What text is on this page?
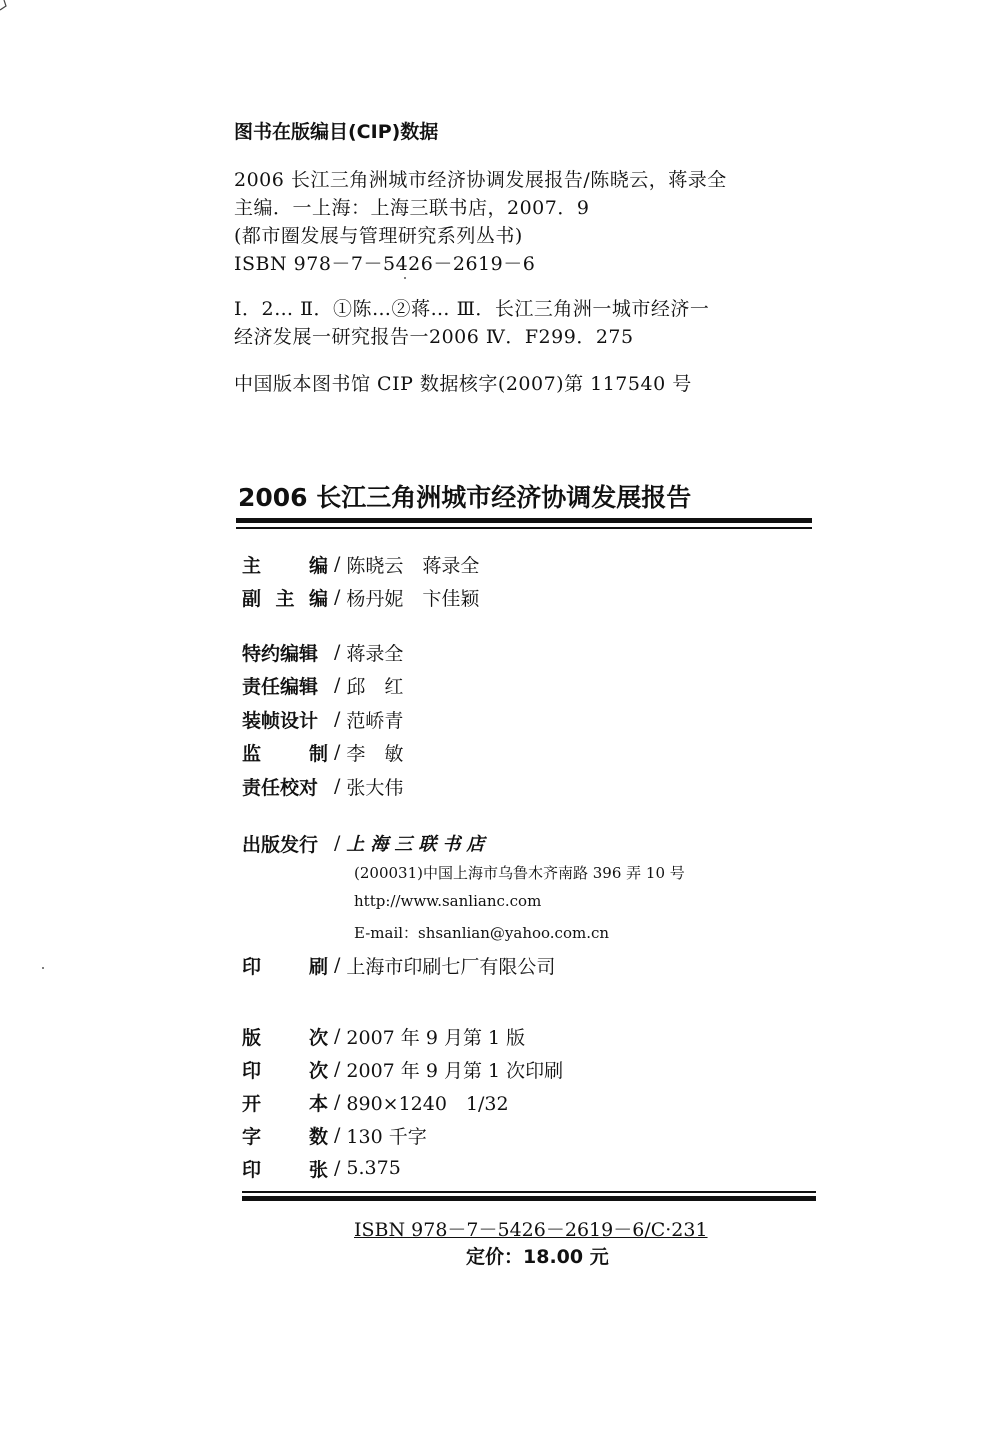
图书在版编目(CIP)数据
2006 长江三角洲城市经济协调发展报告/陈晓云，蒋录全
主编．一上海：上海三联书店，2007．9
(都市圈发展与管理研究系列丛书)
ISBN 978－7－5426－2619－6
Ⅰ．2… Ⅱ．①陈…②蒋… Ⅲ．长江三角洲一城市经济一
经济发展一研究报告一2006 Ⅳ．F299．275
中国版本图书馆 CIP 数据核字(2007)第 117540 号
2006 长江三角洲城市经济协调发展报告
主	编 / 陈晓云　蒋录全
副 主 编 / 杨丹妮　卞佳颖
特约编辑 / 蒋录全
责任编辑 / 邱　红
装帧设计 / 范峤青
监	制 / 李　敏
责任校对 / 张大伟
出版发行 / 上海三联书店
(200031)中国上海市乌鲁木齐南路 396 弄 10 号
http://www.sanlianc.com
E-mail：shsanlian@yahoo.com.cn
印	刷 / 上海市印刷七厂有限公司
版	次 / 2007 年 9 月第 1 版
印	次 / 2007 年 9 月第 1 次印刷
开	本 / 890×1240　1/32
字	数 / 130 千字
印	张 / 5.375
ISBN 978－7－5426－2619－6/C·231
定价：18.00 元
